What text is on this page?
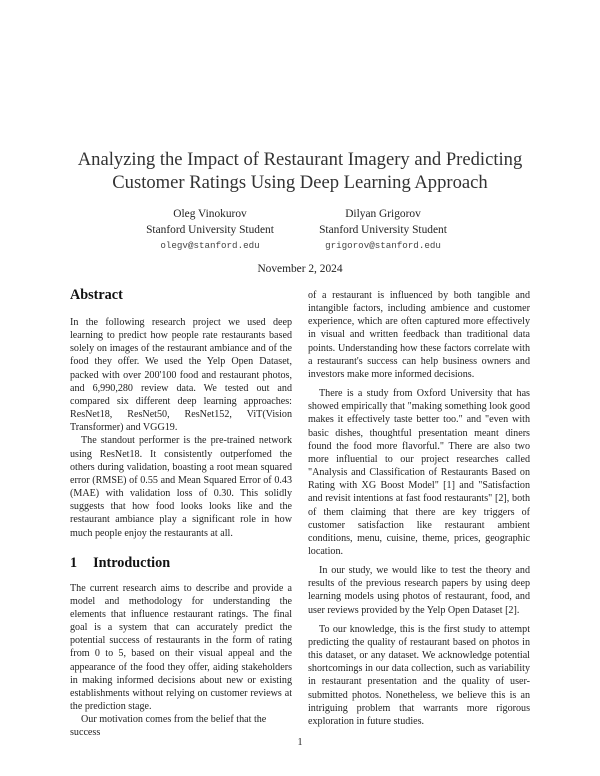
Analyzing the Impact of Restaurant Imagery and Predicting
Customer Ratings Using Deep Learning Approach
Oleg Vinokurov
Stanford University Student
olegv@stanford.edu
Dilyan Grigorov
Stanford University Student
grigorov@stanford.edu
November 2, 2024
Abstract

In the following research project we used deep learning to predict how people rate restaurants based solely on images of the restaurant ambiance and of the food they offer. We used the Yelp Open Dataset, packed with over 200'100 food and restaurant photos, and 6,990,280 review data. We tested out and compared six different deep learning approaches: ResNet18, ResNet50, ResNet152, ViT(Vision Transformer) and VGG19.

The standout performer is the pre-trained network using ResNet18. It consistently outperfomed the others during validation, boasting a root mean squared error (RMSE) of 0.55 and Mean Squared Error of 0.43 (MAE) with validation loss of 0.30. This solidly suggests that how food looks looks like and the restaurant ambiance play a significant role in how much people enjoy the restaurants at all.

1 Introduction

The current research aims to describe and provide a model and methodology for understanding the elements that influence restaurant ratings. The final goal is a system that can accurately predict the potential success of restaurants in the form of rating from 0 to 5, based on their visual appeal and the appearance of the food they offer, aiding stakeholders in making informed decisions about new or existing establishments without relying on customer reviews at the prediction stage.

Our motivation comes from the belief that the success

of a restaurant is influenced by both tangible and intangible factors, including ambience and customer experience, which are often captured more effectively in visual and written feedback than traditional data points. Understanding how these factors correlate with a restaurant's success can help business owners and investors make more informed decisions.

There is a study from Oxford University that has showed empirically that "making something look good makes it effectively taste better too." and "even with basic dishes, thoughtful presentation meant diners found the food more flavorful." There are also two more influential to our project researches called "Analysis and Classification of Restaurants Based on Rating with XG Boost Model" [1] and "Satisfaction and revisit intentions at fast food restaurants" [2], both of them claiming that there are key triggers of customer satisfaction like restaurant ambient conditions, menu, cuisine, theme, prices, geographic location.

In our study, we would like to test the theory and results of the previous research papers by using deep learning models using photos of restaurant, food, and user reviews provided by the Yelp Open Dataset [2].

To our knowledge, this is the first study to attempt predicting the quality of restaurant based on photos in this dataset, or any dataset. We acknowledge potential shortcomings in our data collection, such as variability in restaurant presentation and the quality of user-submitted photos. Nonetheless, we believe this is an intriguing problem that warrants more rigorous exploration in future studies.

1
